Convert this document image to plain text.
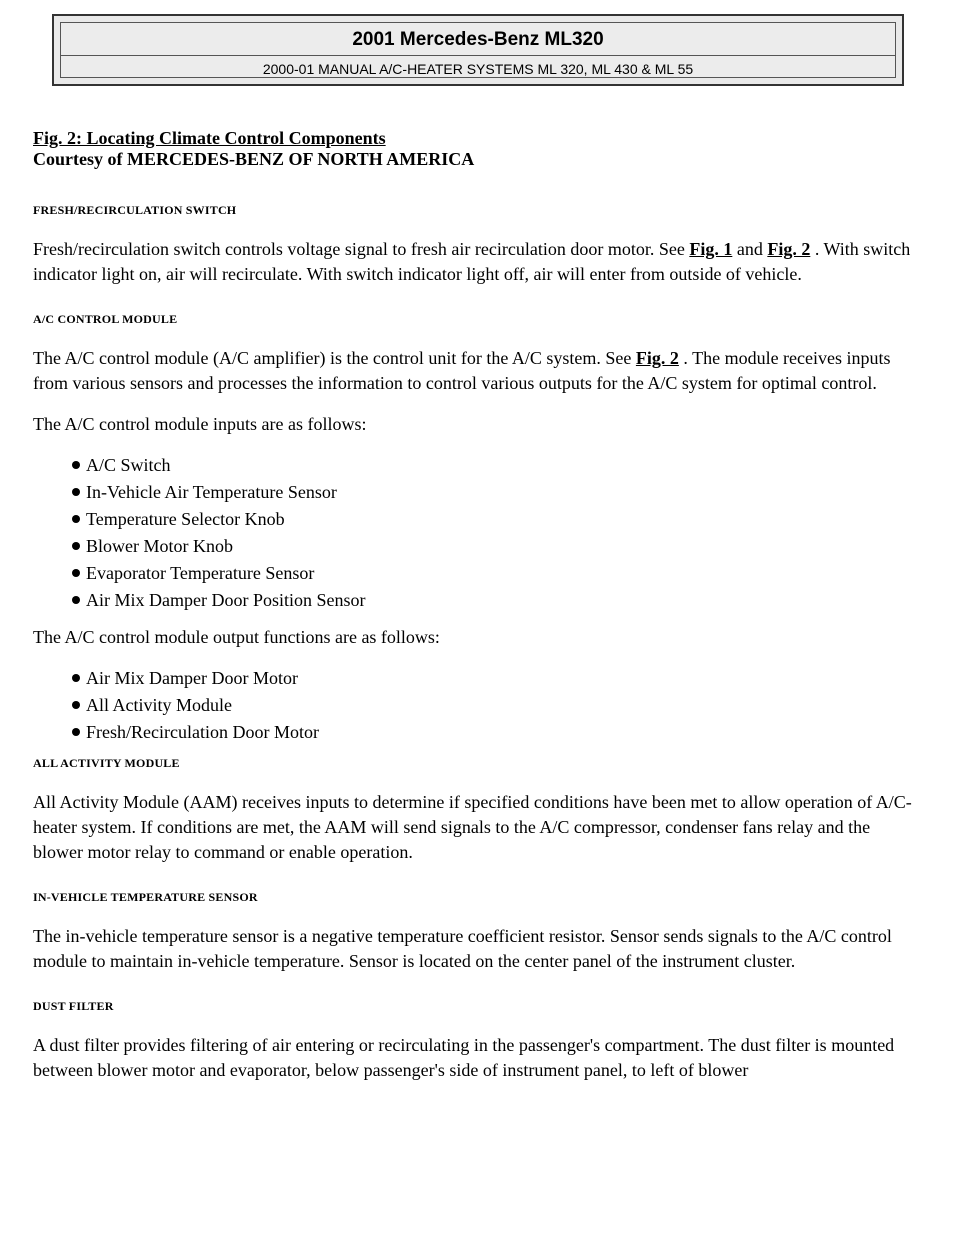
2001 Mercedes-Benz ML320
2000-01 MANUAL A/C-HEATER SYSTEMS ML 320, ML 430 & ML 55

Fig. 2: Locating Climate Control Components

Courtesy of MERCEDES-BENZ OF NORTH AMERICA

FRESH/RECIRCULATION SWITCH

Fresh/recirculation switch controls voltage signal to fresh air recirculation door motor. See Fig. 1 and Fig. 2 . With switch indicator light on, air will recirculate. With switch indicator light off, air will enter from outside of vehicle.

A/C CONTROL MODULE

The A/C control module (A/C amplifier) is the control unit for the A/C system. See Fig. 2 . The module receives inputs from various sensors and processes the information to control various outputs for the A/C system for optimal control.

The A/C control module inputs are as follows:

A/C Switch
In-Vehicle Air Temperature Sensor
Temperature Selector Knob
Blower Motor Knob
Evaporator Temperature Sensor
Air Mix Damper Door Position Sensor

The A/C control module output functions are as follows:

Air Mix Damper Door Motor
All Activity Module
Fresh/Recirculation Door Motor
ALL ACTIVITY MODULE

All Activity Module (AAM) receives inputs to determine if specified conditions have been met to allow operation of A/C-heater system. If conditions are met, the AAM will send signals to the A/C compressor, condenser fans relay and the blower motor relay to command or enable operation.

IN-VEHICLE TEMPERATURE SENSOR

The in-vehicle temperature sensor is a negative temperature coefficient resistor. Sensor sends signals to the A/C control module to maintain in-vehicle temperature. Sensor is located on the center panel of the instrument cluster.

DUST FILTER

A dust filter provides filtering of air entering or recirculating in the passenger's compartment. The dust filter is mounted between blower motor and evaporator, below passenger's side of instrument panel, to left of blower
